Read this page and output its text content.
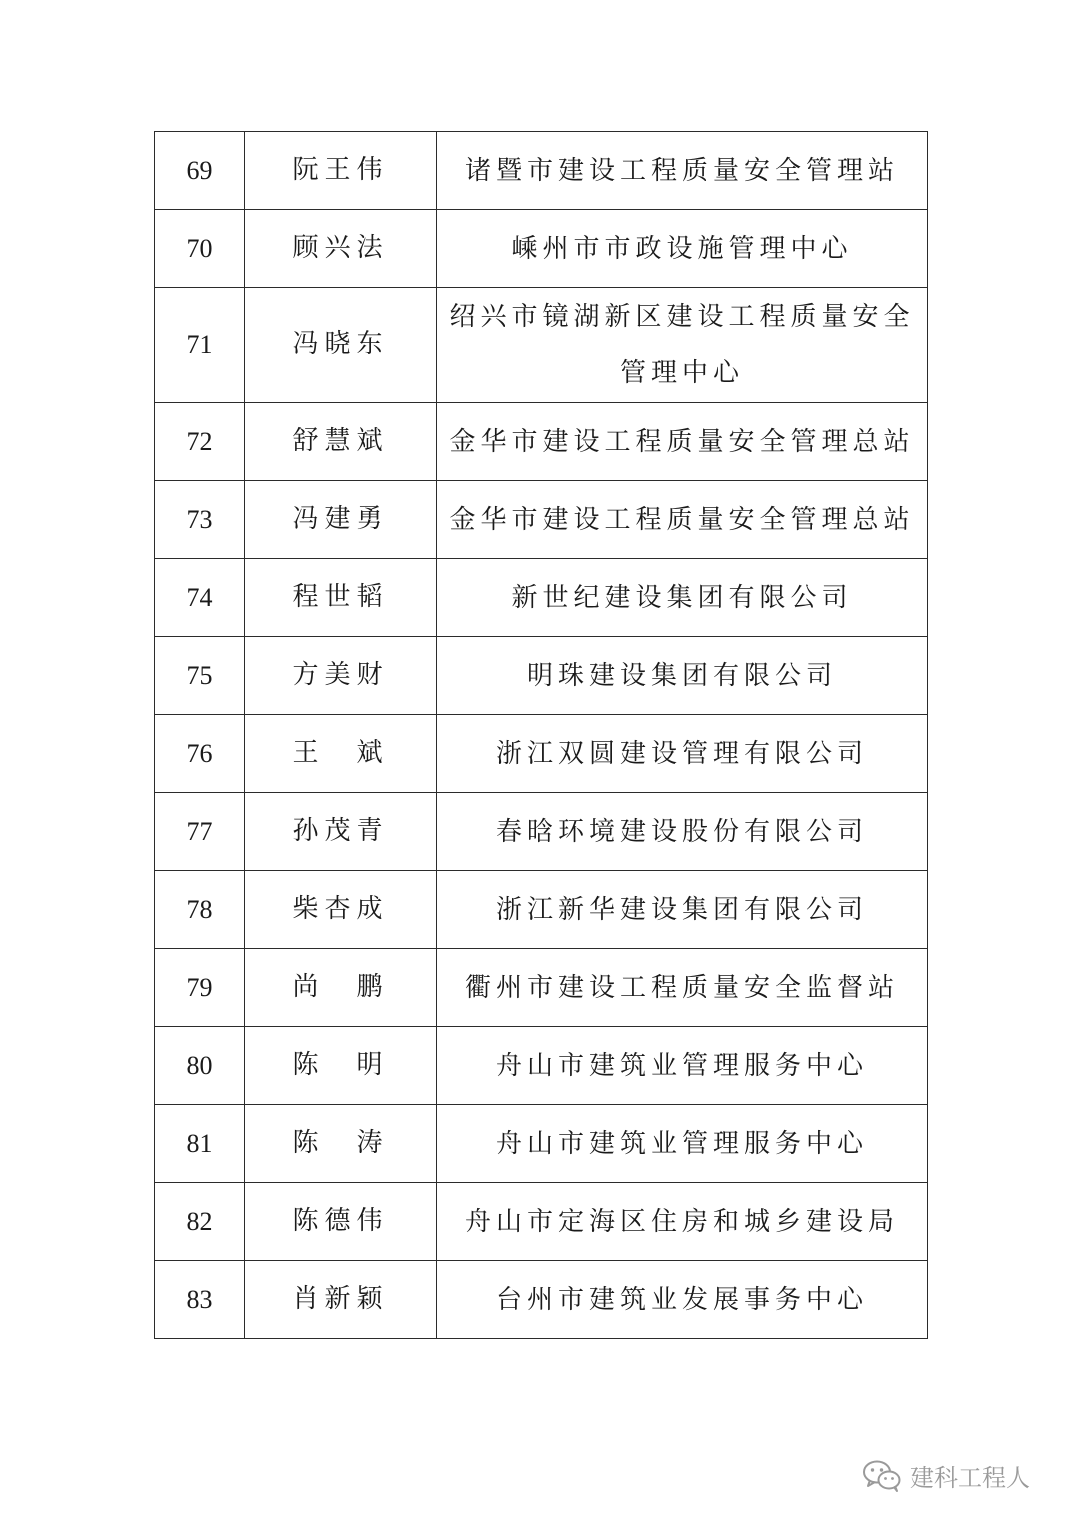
69	阮王伟	诸暨市建设工程质量安全管理站
70	顾兴法	嵊州市市政设施管理中心
71	冯晓东	绍兴市镜湖新区建设工程质量安全管理中心
72	舒慧斌	金华市建设工程质量安全管理总站
73	冯建勇	金华市建设工程质量安全管理总站
74	程世韬	新世纪建设集团有限公司
75	方美财	明珠建设集团有限公司
76	王　斌	浙江双圆建设管理有限公司
77	孙茂青	春晗环境建设股份有限公司
78	柴杏成	浙江新华建设集团有限公司
79	尚　鹏	衢州市建设工程质量安全监督站
80	陈　明	舟山市建筑业管理服务中心
81	陈　涛	舟山市建筑业管理服务中心
82	陈德伟	舟山市定海区住房和城乡建设局
83	肖新颖	台州市建筑业发展事务中心
建科工程人
